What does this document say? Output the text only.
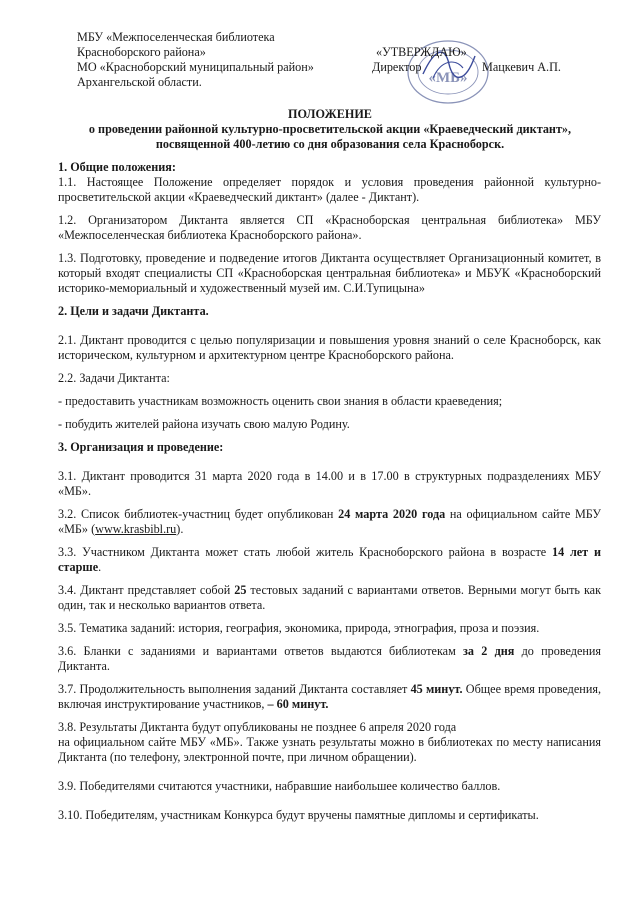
МБУ «Межпоселенческая библиотека
Красноборского района»
МО «Красноборский муниципальный район»
Архангельской области.	«МБ»
«УТВЕРЖДАЮ»
Директор	Мацкевич А.П.
ПОЛОЖЕНИЕ
о проведении районной культурно-просветительской акции «Краеведческий диктант»,
посвященной 400-летию со дня образования села Красноборск.

1. Общие положения:

1.1. Настоящее Положение определяет порядок и условия проведения районной культурно-просветительской акции «Краеведческий диктант» (далее - Диктант).

1.2. Организатором Диктанта является СП «Красноборская центральная библиотека» МБУ «Межпоселенческая библиотека Красноборского района».

1.3. Подготовку, проведение и подведение итогов Диктанта осуществляет Организационный комитет, в который входят специалисты СП «Красноборская центральная библиотека» и МБУК «Красноборский историко-мемориальный и художественный музей им. С.И.Тупицына»

2. Цели и задачи Диктанта.

2.1. Диктант проводится с целью популяризации и повышения уровня знаний о селе Красноборск, как историческом, культурном и архитектурном центре Красноборского района.

2.2. Задачи Диктанта:

- предоставить участникам возможность оценить свои знания в области краеведения;

- побудить жителей района изучать свою малую Родину.

3. Организация и проведение:

3.1. Диктант проводится 31 марта 2020 года в 14.00 и в 17.00 в структурных подразделениях МБУ «МБ».

3.2. Список библиотек-участниц будет опубликован 24 марта 2020 года на официальном сайте МБУ «МБ» (www.krasbibl.ru).

3.3. Участником Диктанта может стать любой житель Красноборского района в возрасте 14 лет и старше.

3.4. Диктант представляет собой 25 тестовых заданий с вариантами ответов. Верными могут быть как один, так и несколько вариантов ответа.

3.5. Тематика заданий: история, география, экономика, природа, этнография, проза и поэзия.

3.6. Бланки с заданиями и вариантами ответов выдаются библиотекам за 2 дня до проведения Диктанта.

3.7. Продолжительность выполнения заданий Диктанта составляет 45 минут. Общее время проведения, включая инструктирование участников, – 60 минут.

3.8. Результаты Диктанта будут опубликованы не позднее 6 апреля 2020 года
на официальном сайте МБУ «МБ». Также узнать результаты можно в библиотеках по месту написания Диктанта (по телефону, электронной почте, при личном обращении).

3.9. Победителями считаются участники, набравшие наибольшее количество баллов.

3.10. Победителям, участникам Конкурса будут вручены памятные дипломы и сертификаты.
